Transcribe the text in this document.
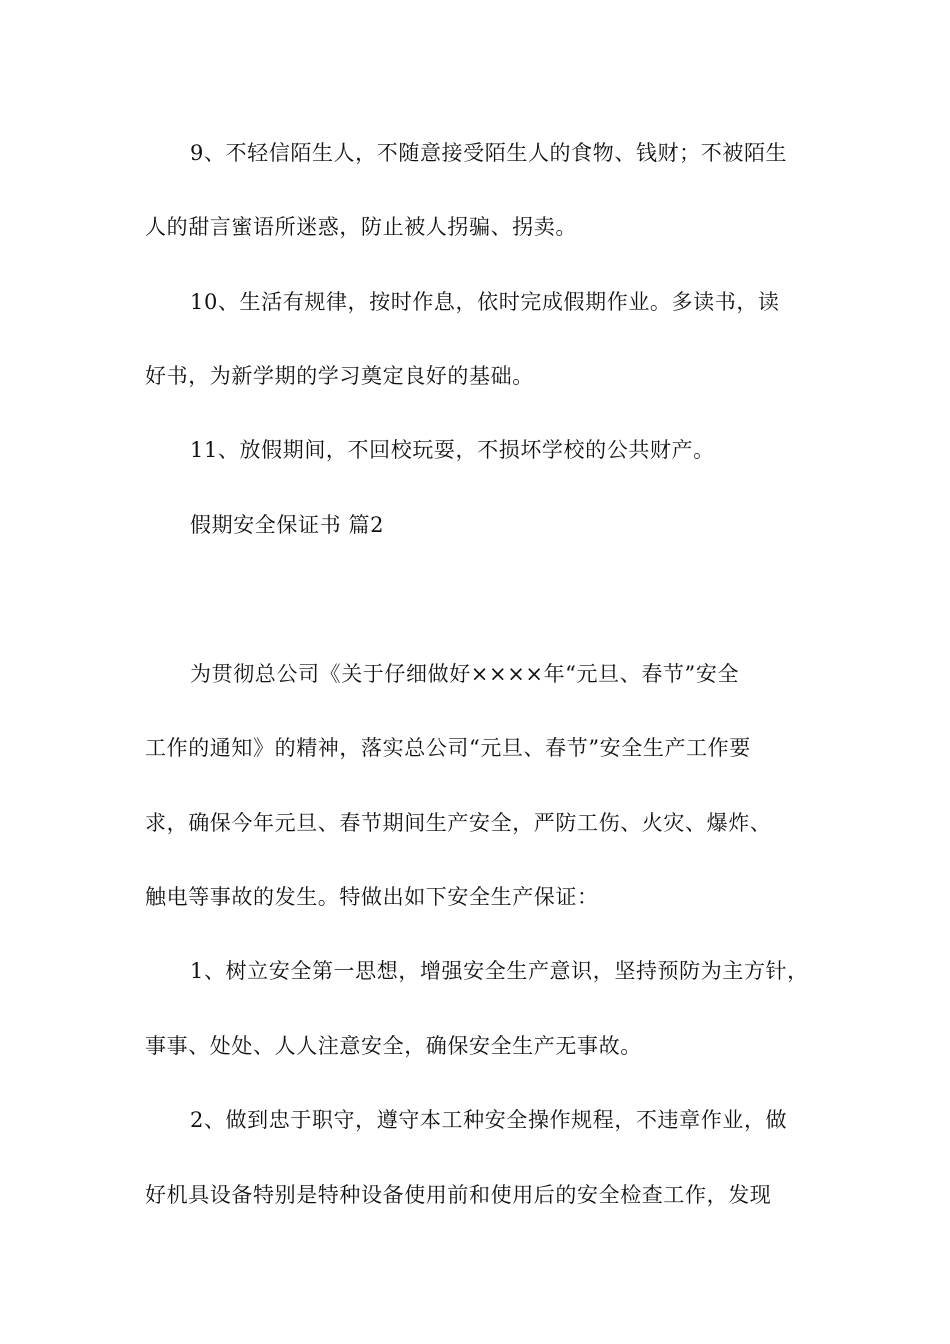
9、不轻信陌生人，不随意接受陌生人的食物、钱财；不被陌生
人的甜言蜜语所迷惑，防止被人拐骗、拐卖。
10、生活有规律，按时作息，依时完成假期作业。多读书，读
好书，为新学期的学习奠定良好的基础。
11、放假期间，不回校玩耍，不损坏学校的公共财产。
假期安全保证书 篇2
为贯彻总公司《关于仔细做好××××年“元旦、春节”安全
工作的通知》的精神，落实总公司“元旦、春节”安全生产工作要
求，确保今年元旦、春节期间生产安全，严防工伤、火灾、爆炸、
触电等事故的发生。特做出如下安全生产保证：
1、树立安全第一思想，增强安全生产意识，坚持预防为主方针，
事事、处处、人人注意安全，确保安全生产无事故。
2、做到忠于职守，遵守本工种安全操作规程，不违章作业，做
好机具设备特别是特种设备使用前和使用后的安全检查工作，发现
